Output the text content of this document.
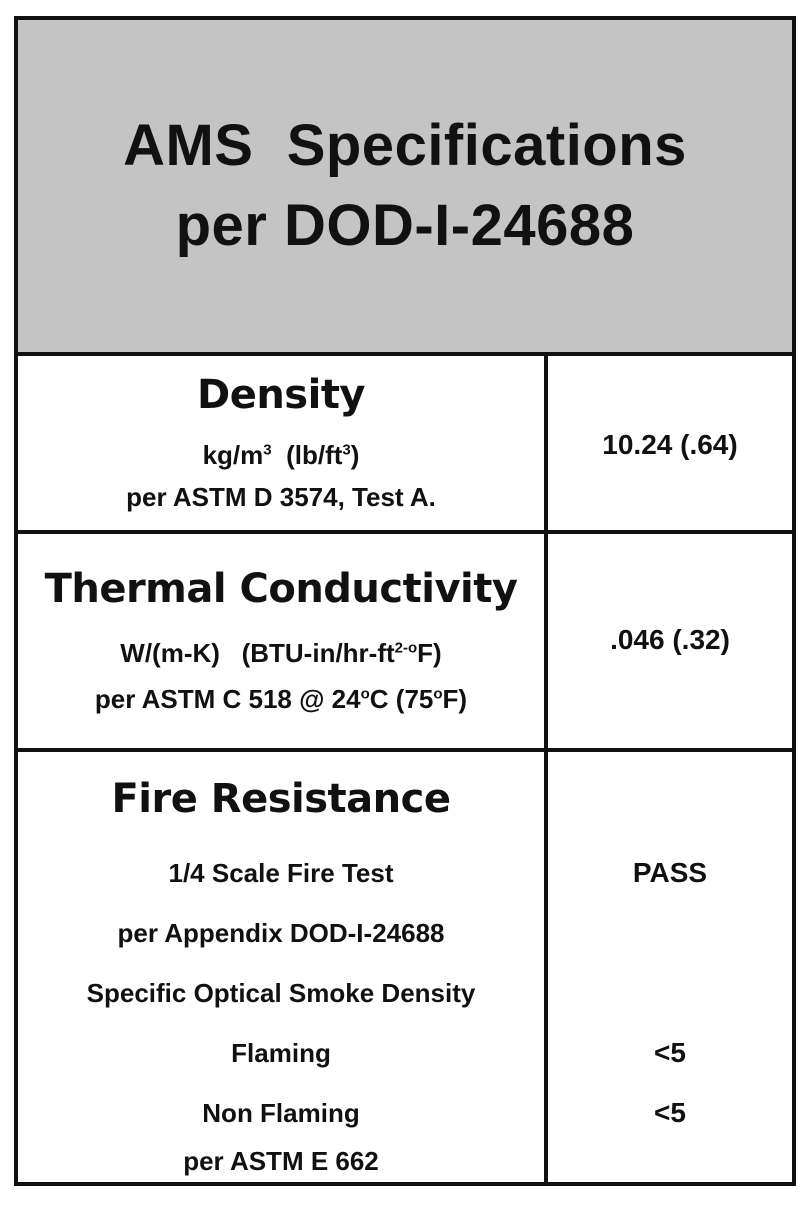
AMS  Specifications
per DOD-I-24688
Density
$kg/m^3$ $(lb/ft^3)$
per ASTM D 3574, Test A.
10.24 (.64)
Thermal Conductivity
W/(m-K) $(BTU-in/hr-ft^{2-o}F)$
per ASTM C 518 @ 24$^o$C (75$^o$F)
.046 (.32)
Fire Resistance
1/4 Scale Fire Test
per Appendix DOD-I-24688
Specific Optical Smoke Density
Flaming
Non Flaming
per ASTM E 662
PASS
<5
<5
